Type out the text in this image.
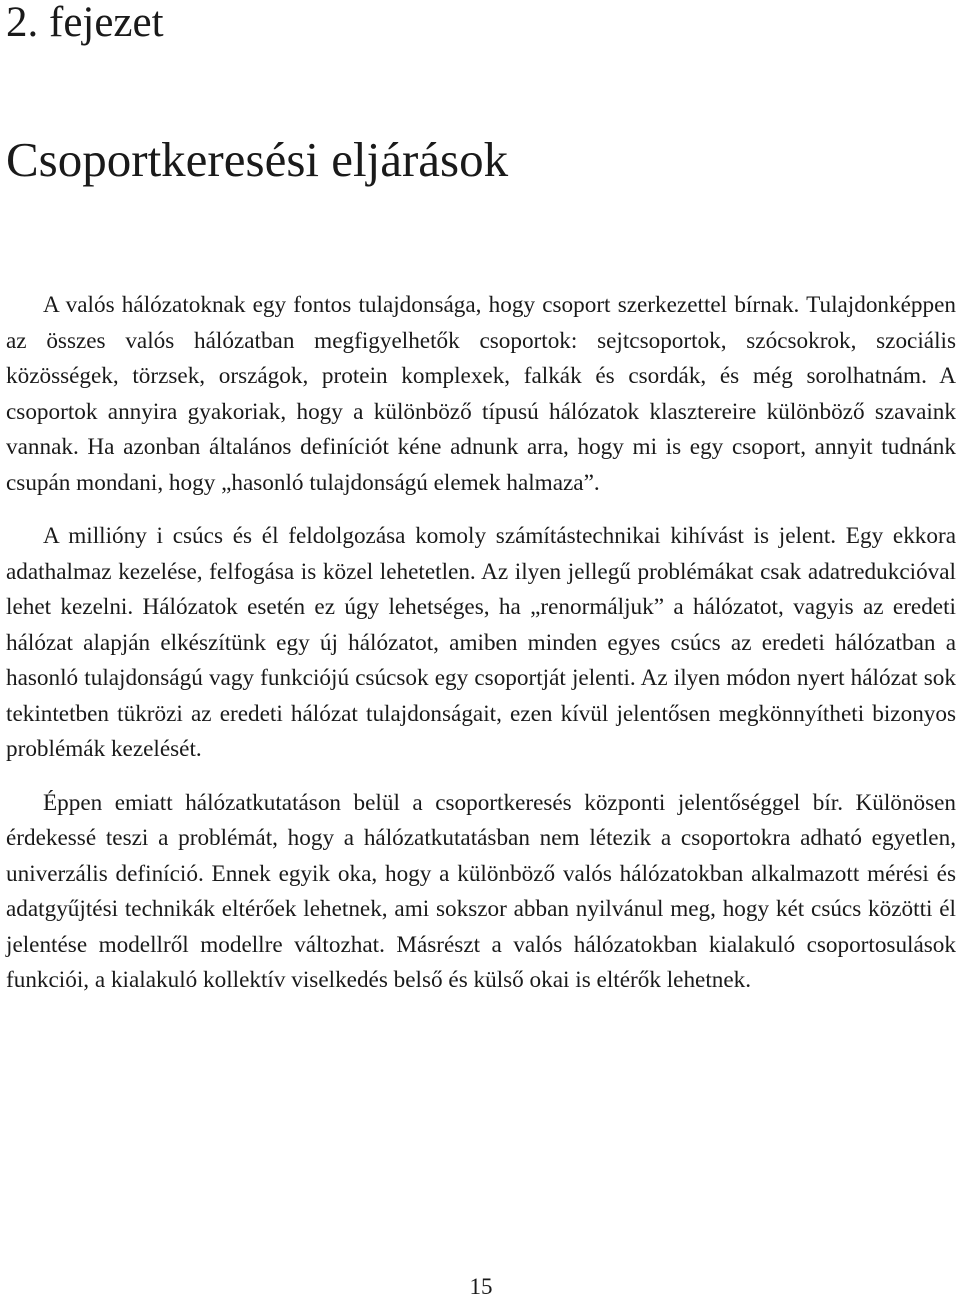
2. fejezet
Csoportkeresési eljárások

A valós hálózatoknak egy fontos tulajdonsága, hogy csoport szerkezettel bírnak. Tulajdonképpen az összes valós hálózatban megfigyelhetők csoportok: sejtcsoportok, szócsokrok, szociális közösségek, törzsek, országok, protein komplexek, falkák és csordák, és még sorolhatnám. A csoportok annyira gyakoriak, hogy a különböző típusú hálózatok klasztereire különböző szavaink vannak. Ha azonban általános definíciót kéne adnunk arra, hogy mi is egy csoport, annyit tudnánk csupán mondani, hogy „hasonló tulajdonságú elemek halmaza”.

A millióny i csúcs és él feldolgozása komoly számítástechnikai kihívást is jelent. Egy ekkora adathalmaz kezelése, felfogása is közel lehetetlen. Az ilyen jellegű problémákat csak adatredukcióval lehet kezelni. Hálózatok esetén ez úgy lehetséges, ha „renormáljuk” a hálózatot, vagyis az eredeti hálózat alapján elkészítünk egy új hálózatot, amiben minden egyes csúcs az eredeti hálózatban a hasonló tulajdonságú vagy funkciójú csúcsok egy csoportját jelenti. Az ilyen módon nyert hálózat sok tekintetben tükrözi az eredeti hálózat tulajdonságait, ezen kívül jelentősen megkönnyítheti bizonyos problémák kezelését.

Éppen emiatt hálózatkutatáson belül a csoportkeresés központi jelentőséggel bír. Különösen érdekessé teszi a problémát, hogy a hálózatkutatásban nem létezik a csoportokra adható egyetlen, univerzális definíció. Ennek egyik oka, hogy a különböző valós hálózatokban alkalmazott mérési és adatgyűjtési technikák eltérőek lehetnek, ami sokszor abban nyilvánul meg, hogy két csúcs közötti él jelentése modellről modellre változhat. Másrészt a valós hálózatokban kialakuló csoportosulások funkciói, a kialakuló kollektív viselkedés belső és külső okai is eltérők lehetnek.

15
